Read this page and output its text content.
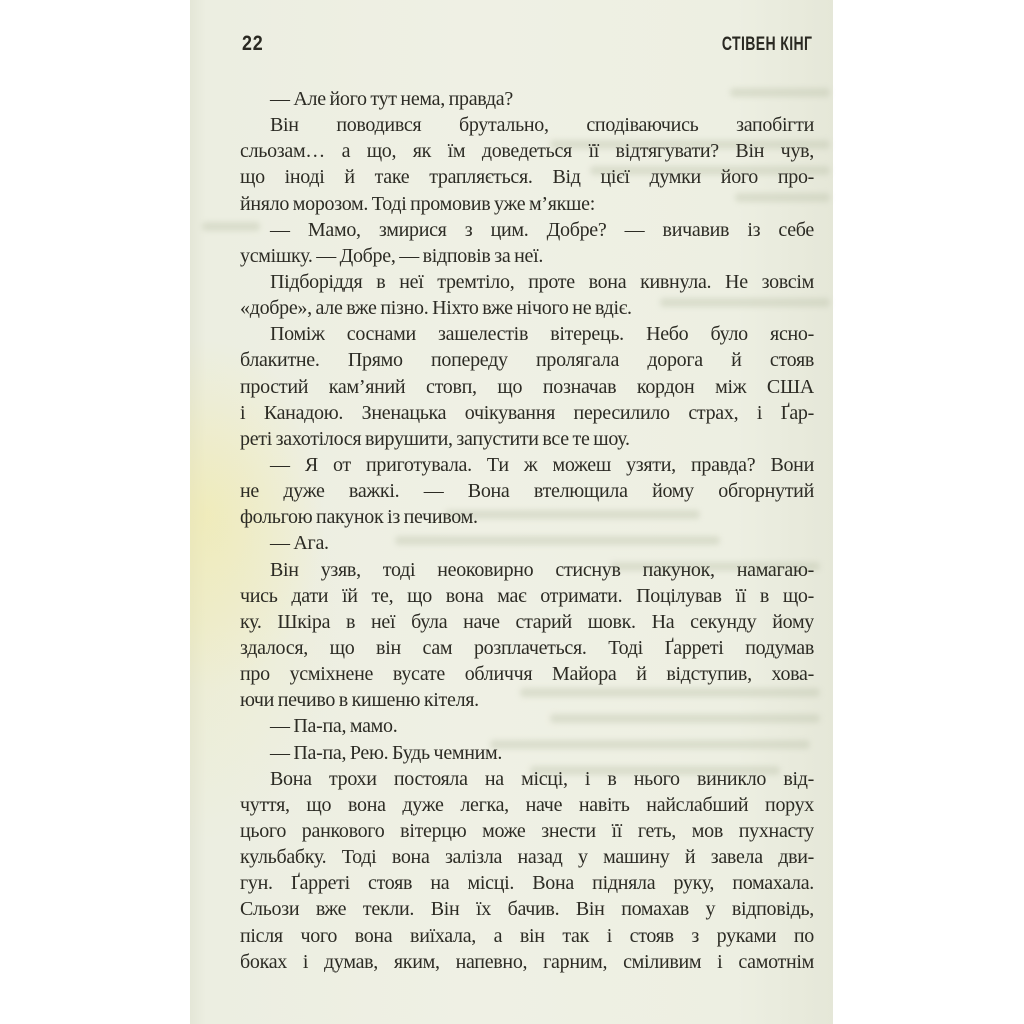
22	СТІВЕН КІНГ
— Але його тут нема, правда?
Він поводився брутально, сподіваючись запобігти
сльозам… а що, як їм доведеться її відтягувати? Він чув,
що іноді й таке трапляється. Від цієї думки його про-
йняло морозом. Тоді промовив уже м’якше:
— Мамо, змирися з цим. Добре? — вичавив із себе
усмішку. — Добре, — відповів за неї.
Підборіддя в неї тремтіло, проте вона кивнула. Не зовсім
«добре», але вже пізно. Ніхто вже нічого не вдіє.
Поміж соснами зашелестів вітерець. Небо було ясно-
блакитне. Прямо попереду пролягала дорога й стояв
простий кам’яний стовп, що позначав кордон між США
і Канадою. Зненацька очікування пересилило страх, і Ґар-
реті захотілося вирушити, запустити все те шоу.
— Я от приготувала. Ти ж можеш узяти, правда? Вони
не дуже важкі. — Вона втелющила йому обгорнутий
фольгою пакунок із печивом.
— Ага.
Він узяв, тоді неоковирно стиснув пакунок, намагаю-
чись дати їй те, що вона має отримати. Поцілував її в що-
ку. Шкіра в неї була наче старий шовк. На секунду йому
здалося, що він сам розплачеться. Тоді Ґарреті подумав
про усміхнене вусате обличчя Майора й відступив, хова-
ючи печиво в кишеню кітеля.
— Па-па, мамо.
— Па-па, Рею. Будь чемним.
Вона трохи постояла на місці, і в нього виникло від-
чуття, що вона дуже легка, наче навіть найслабший порух
цього ранкового вітерцю може знести її геть, мов пухнасту
кульбабку. Тоді вона залізла назад у машину й завела дви-
гун. Ґарреті стояв на місці. Вона підняла руку, помахала.
Сльози вже текли. Він їх бачив. Він помахав у відповідь,
після чого вона виїхала, а він так і стояв з руками по
боках і думав, яким, напевно, гарним, сміливим і самотнім
